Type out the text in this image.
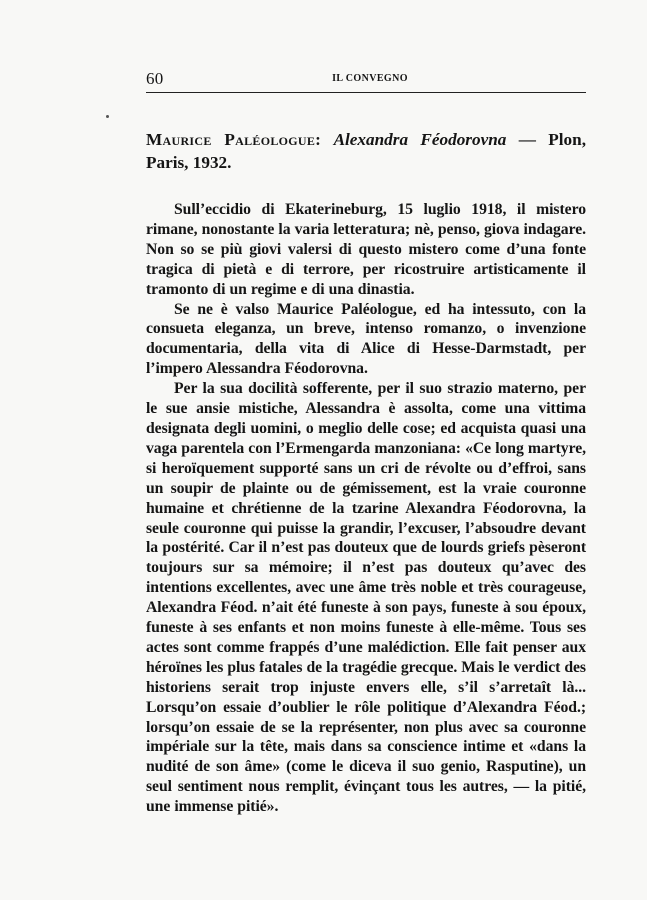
60	IL CONVEGNO

Maurice Paléologue: Alexandra Féodorovna — Plon, Paris, 1932.

Sull’eccidio di Ekaterineburg, 15 luglio 1918, il mistero rimane, nonostante la varia letteratura; nè, penso, giova indagare. Non so se più giovi valersi di questo mistero come d’una fonte tragica di pietà e di terrore, per ricostruire artisticamente il tramonto di un regime e di una dinastia.

Se ne è valso Maurice Paléologue, ed ha intessuto, con la consueta eleganza, un breve, intenso romanzo, o invenzione documentaria, della vita di Alice di Hesse-Darmstadt, per l’impero Alessandra Féodorovna.

Per la sua docilità sofferente, per il suo strazio materno, per le sue ansie mistiche, Alessandra è assolta, come una vittima designata degli uomini, o meglio delle cose; ed acquista quasi una vaga parentela con l’Ermengarda manzoniana: «Ce long martyre, si heroïquement supporté sans un cri de révolte ou d’effroi, sans un soupir de plainte ou de gémissement, est la vraie couronne humaine et chrétienne de la tzarine Alexandra Féodorovna, la seule couronne qui puisse la grandir, l’excuser, l’absoudre devant la postérité. Car il n’est pas douteux que de lourds griefs pèseront toujours sur sa mémoire; il n’est pas douteux qu’avec des intentions excellentes, avec une âme très noble et très courageuse, Alexandra Féod. n’ait été funeste à son pays, funeste à sou époux, funeste à ses enfants et non moins funeste à elle-même. Tous ses actes sont comme frappés d’une malédiction. Elle fait penser aux héroïnes les plus fatales de la tragédie grecque. Mais le verdict des historiens serait trop injuste envers elle, s’il s’arretaît là... Lorsqu’on essaie d’oublier le rôle politique d’Alexandra Féod.; lorsqu’on essaie de se la représenter, non plus avec sa couronne impériale sur la tête, mais dans sa conscience intime et «dans la nudité de son âme» (come le diceva il suo genio, Rasputine), un seul sentiment nous remplit, évinçant tous les autres, — la pitié, une immense pitié».
